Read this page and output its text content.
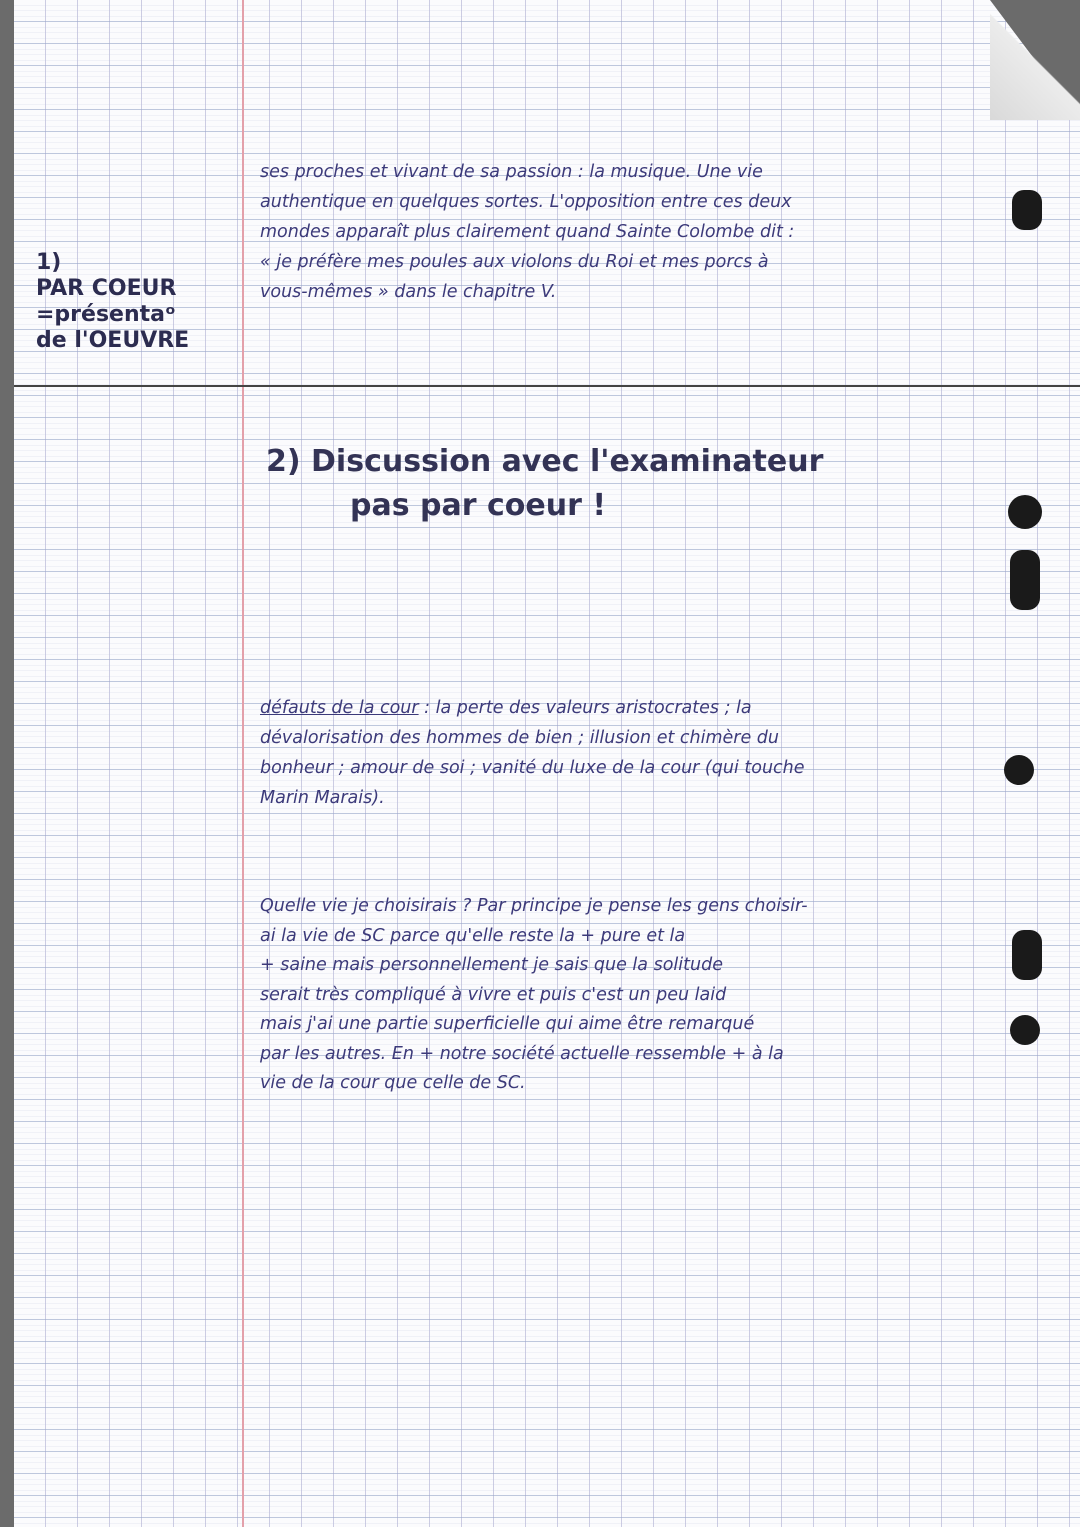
1)
PAR COEUR
=présentaᵒ
de l'OEUVRE
ses proches et vivant de sa passion : la musique. Une vie
authentique en quelques sortes. L'opposition entre ces deux
mondes apparaît plus clairement quand Sainte Colombe dit :
« je préfère mes poules aux violons du Roi et mes porcs à
vous-mêmes » dans le chapitre V.
2) Discussion avec l'examinateur
pas par coeur !
défauts de la cour : la perte des valeurs aristocrates ; la
dévalorisation des hommes de bien ; illusion et chimère du
bonheur ; amour de soi ; vanité du luxe de la cour (qui touche
Marin Marais).
Quelle vie je choisirais ? Par principe je pense les gens choisir-
ai la vie de SC parce qu'elle reste la + pure et la
+ saine mais personnellement je sais que la solitude
serait très compliqué à vivre et puis c'est un peu laid
mais j'ai une partie superficielle qui aime être remarqué
par les autres. En + notre société actuelle ressemble + à la
vie de la cour que celle de SC.
